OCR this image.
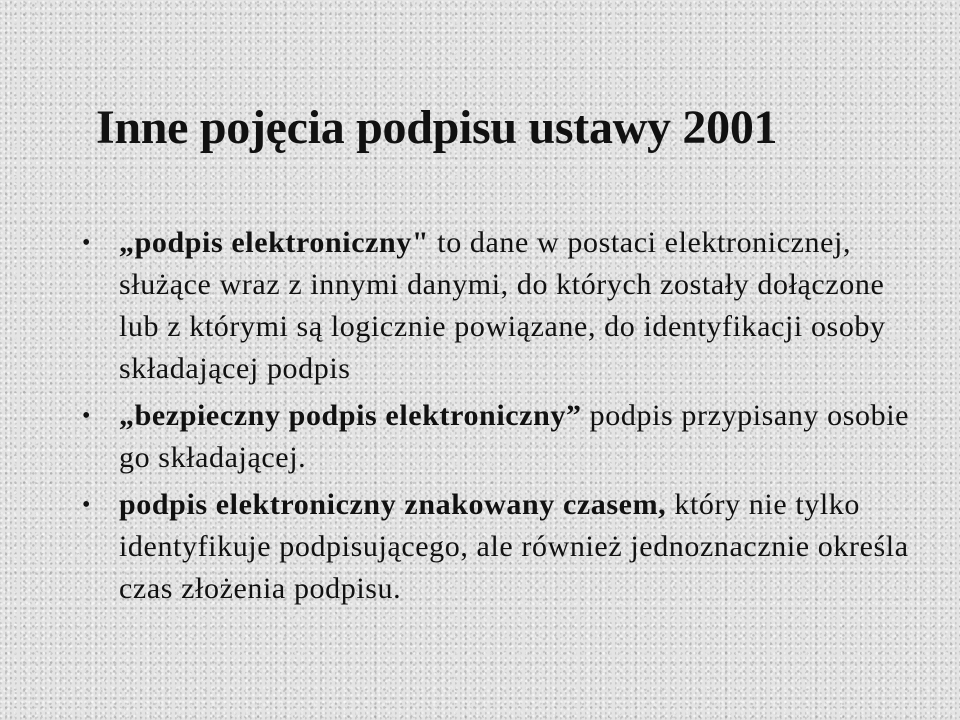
Inne pojęcia podpisu ustawy 2001
• „podpis elektroniczny" to dane w postaci elektronicznej, służące wraz z innymi danymi, do których zostały dołączone lub z którymi są logicznie powiązane, do identyfikacji osoby składającej podpis
• „bezpieczny podpis elektroniczny” podpis przypisany osobie go składającej.
• podpis elektroniczny znakowany czasem, który nie tylko identyfikuje podpisującego, ale również jednoznacznie określa czas złożenia podpisu.
